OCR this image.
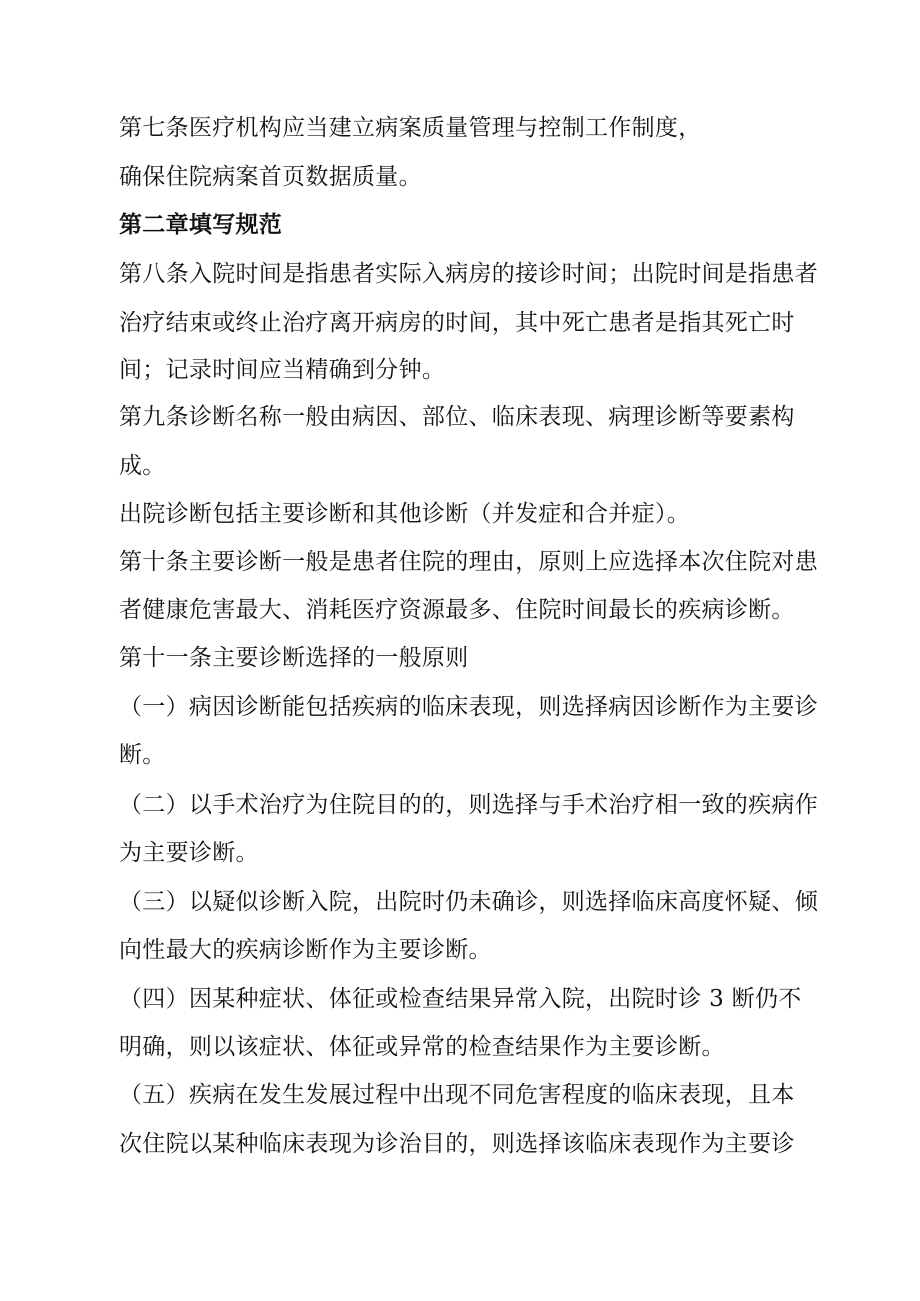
第七条医疗机构应当建立病案质量管理与控制工作制度，
确保住院病案首页数据质量。
第二章填写规范
第八条入院时间是指患者实际入病房的接诊时间；出院时间是指患者
治疗结束或终止治疗离开病房的时间，其中死亡患者是指其死亡时
间；记录时间应当精确到分钟。
第九条诊断名称一般由病因、部位、临床表现、病理诊断等要素构
成。
出院诊断包括主要诊断和其他诊断（并发症和合并症）。
第十条主要诊断一般是患者住院的理由，原则上应选择本次住院对患
者健康危害最大、消耗医疗资源最多、住院时间最长的疾病诊断。
第十一条主要诊断选择的一般原则
（一）病因诊断能包括疾病的临床表现，则选择病因诊断作为主要诊
断。
（二）以手术治疗为住院目的的，则选择与手术治疗相一致的疾病作
为主要诊断。
（三）以疑似诊断入院，出院时仍未确诊，则选择临床高度怀疑、倾
向性最大的疾病诊断作为主要诊断。
（四）因某种症状、体征或检查结果异常入院，出院时诊 3 断仍不
明确，则以该症状、体征或异常的检查结果作为主要诊断。
（五）疾病在发生发展过程中出现不同危害程度的临床表现，且本
次住院以某种临床表现为诊治目的，则选择该临床表现作为主要诊
